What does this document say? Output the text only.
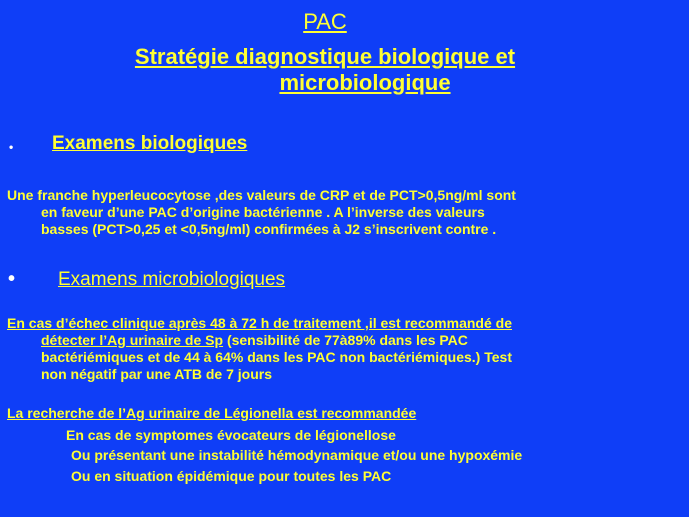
PAC
Stratégie diagnostique biologique et
microbiologique
• Examens biologiques
Une franche hyperleucocytose ,des valeurs de CRP et de PCT>0,5ng/ml sont
en faveur d’une PAC d’origine bactérienne . A l’inverse des valeurs
basses (PCT>0,25 et <0,5ng/ml) confirmées à J2 s’inscrivent contre .
• Examens microbiologiques
En cas d’échec clinique après 48 à 72 h de traitement ,il est recommandé de
détecter l’Ag urinaire de Sp (sensibilité de 77à89% dans les PAC
bactériémiques et de 44 à 64% dans les PAC non bactériémiques.) Test
non négatif par une ATB de 7 jours
La recherche de l’Ag urinaire de Légionella est recommandée
En cas de symptomes évocateurs de légionellose
Ou présentant une instabilité hémodynamique et/ou une hypoxémie
Ou en situation épidémique pour toutes les PAC
